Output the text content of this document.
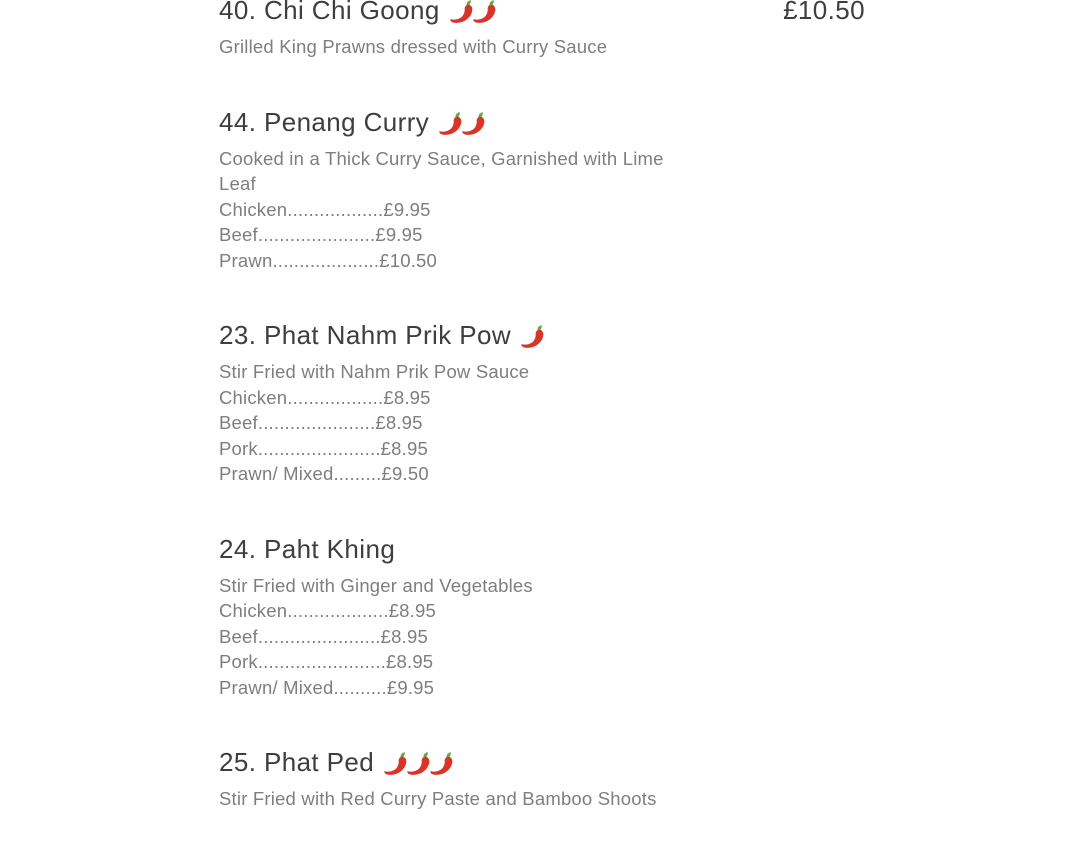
40. Chi Chi Goong	£10.50
Grilled King Prawns dressed with Curry Sauce
44. Penang Curry
Cooked in a Thick Curry Sauce, Garnished with Lime Leaf
Chicken..................£9.95
Beef......................£9.95
Prawn....................£10.50
23. Phat Nahm Prik Pow
Stir Fried with Nahm Prik Pow Sauce
Chicken..................£8.95
Beef......................£8.95
Pork.......................£8.95
Prawn/ Mixed.........£9.50
24. Paht Khing
Stir Fried with Ginger and Vegetables
Chicken...................£8.95
Beef.......................£8.95
Pork........................£8.95
Prawn/ Mixed..........£9.95
25. Phat Ped
Stir Fried with Red Curry Paste and Bamboo Shoots
